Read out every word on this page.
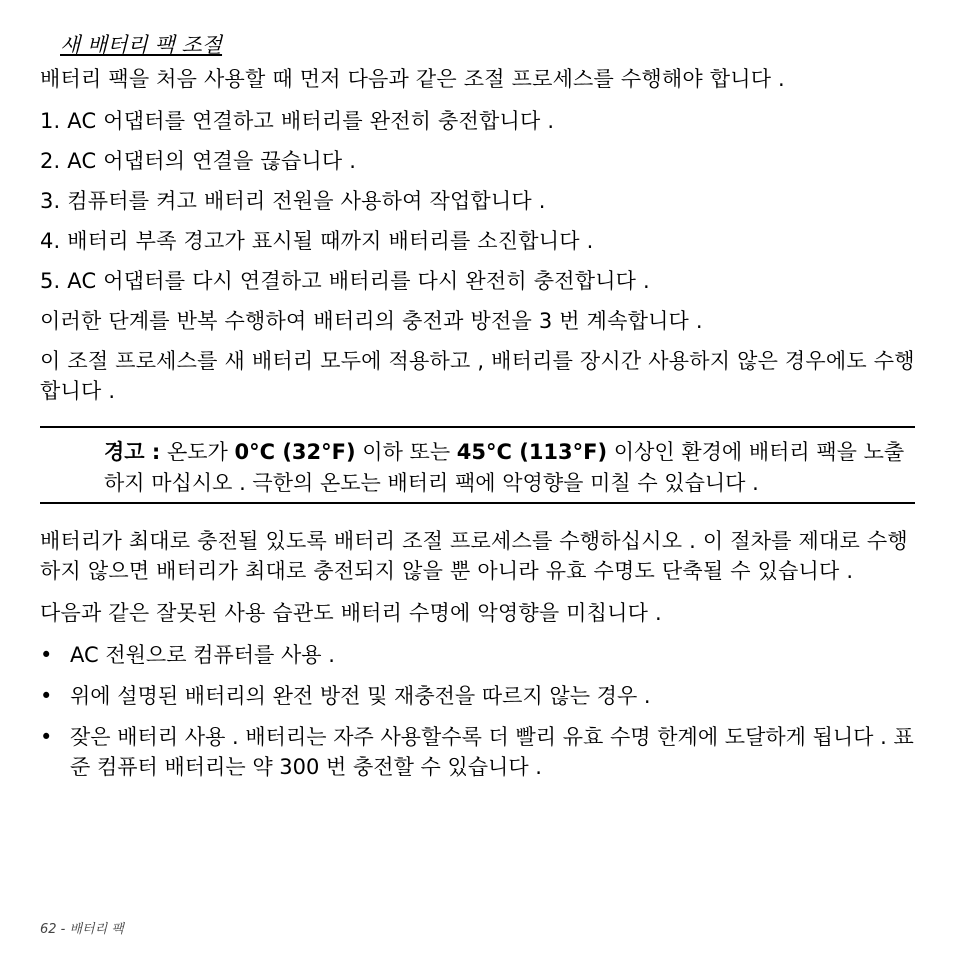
새 배터리 팩 조절
배터리 팩을 처음 사용할 때 먼저 다음과 같은 조절 프로세스를 수행해야 합니다 .
1. AC 어댑터를 연결하고 배터리를 완전히 충전합니다 .
2. AC 어댑터의 연결을 끊습니다 .
3. 컴퓨터를 켜고 배터리 전원을 사용하여 작업합니다 .
4. 배터리 부족 경고가 표시될 때까지 배터리를 소진합니다 .
5. AC 어댑터를 다시 연결하고 배터리를 다시 완전히 충전합니다 .
이러한 단계를 반복 수행하여 배터리의 충전과 방전을 3 번 계속합니다 .
이 조절 프로세스를 새 배터리 모두에 적용하고 , 배터리를 장시간 사용하지 않은 경우에도 수행합니다 .
경고 : 온도가 0°C (32°F) 이하 또는 45°C (113°F) 이상인 환경에 배터리 팩을 노출하지 마십시오 . 극한의 온도는 배터리 팩에 악영향을 미칠 수 있습니다 .
배터리가 최대로 충전될 있도록 배터리 조절 프로세스를 수행하십시오 . 이 절차를 제대로 수행하지 않으면 배터리가 최대로 충전되지 않을 뿐 아니라 유효 수명도 단축될 수 있습니다 .
다음과 같은 잘못된 사용 습관도 배터리 수명에 악영향을 미칩니다 .
• AC 전원으로 컴퓨터를 사용 .
• 위에 설명된 배터리의 완전 방전 및 재충전을 따르지 않는 경우 .
• 잦은 배터리 사용 . 배터리는 자주 사용할수록 더 빨리 유효 수명 한계에 도달하게 됩니다 . 표준 컴퓨터 배터리는 약 300 번 충전할 수 있습니다 .
62 - 배터리 팩
